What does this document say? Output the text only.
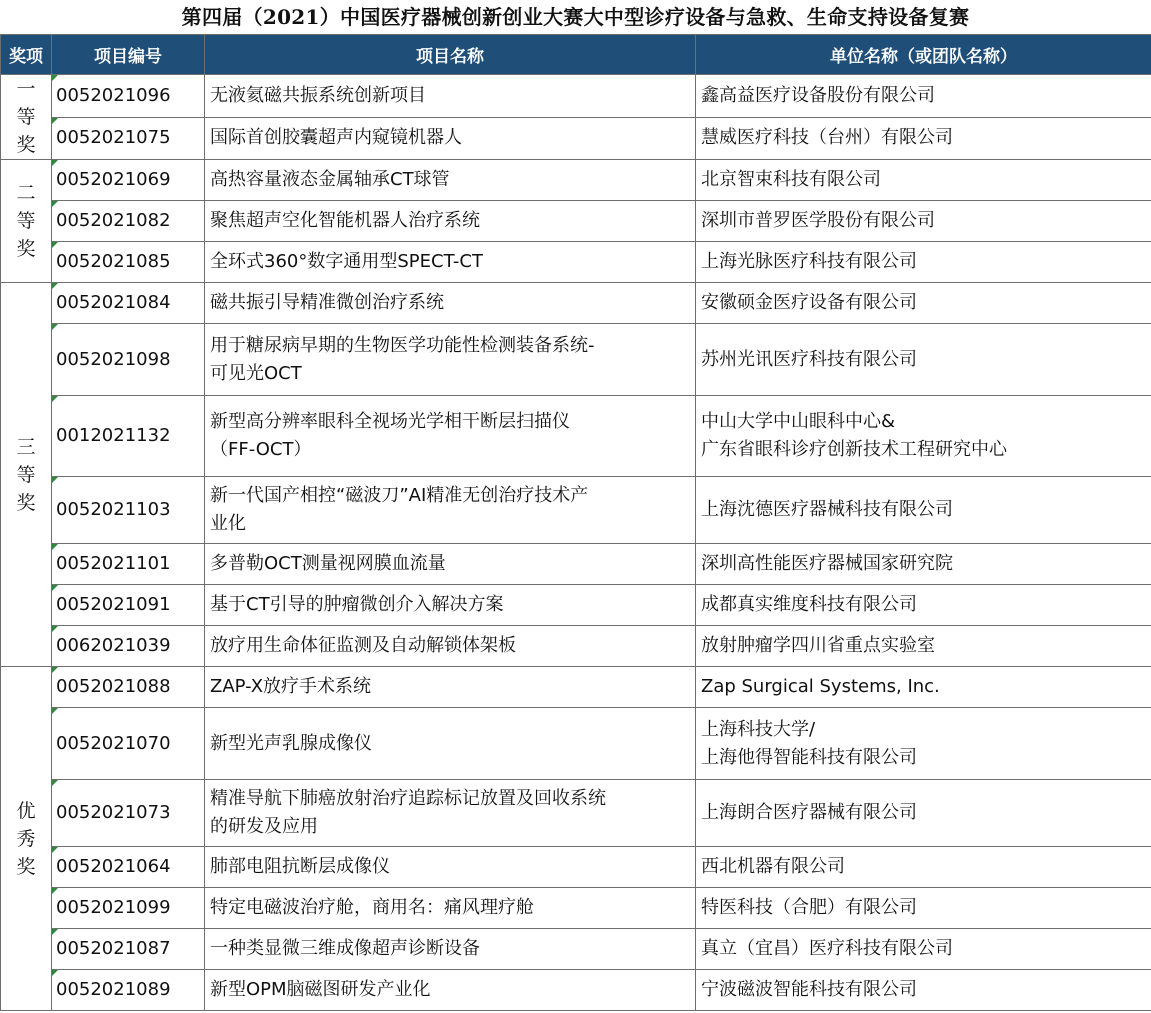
第四届（2021）中国医疗器械创新创业大赛大中型诊疗设备与急救、生命支持设备复赛
奖项	项目编号	项目名称	单位名称（或团队名称）
一等奖	0052021096	无液氦磁共振系统创新项目	鑫高益医疗设备股份有限公司

	0052021075	国际首创胶囊超声内窥镜机器人	慧威医疗科技（台州）有限公司

二等奖	0052021069	高热容量液态金属轴承CT球管	北京智束科技有限公司

	0052021082	聚焦超声空化智能机器人治疗系统	深圳市普罗医学股份有限公司

	0052021085	全环式360°数字通用型SPECT-CT	上海光脉医疗科技有限公司

三等奖	0052021084	磁共振引导精准微创治疗系统	安徽硕金医疗设备有限公司

	0052021098	用于糖尿病早期的生物医学功能性检测装备系统-
可见光OCT	苏州光讯医疗科技有限公司

	0012021132	新型高分辨率眼科全视场光学相干断层扫描仪
（FF-OCT）	中山大学中山眼科中心&
广东省眼科诊疗创新技术工程研究中心

	0052021103	新一代国产相控“磁波刀”AI精准无创治疗技术产
业化	上海沈德医疗器械科技有限公司

	0052021101	多普勒OCT测量视网膜血流量	深圳高性能医疗器械国家研究院

	0052021091	基于CT引导的肿瘤微创介入解决方案	成都真实维度科技有限公司

	0062021039	放疗用生命体征监测及自动解锁体架板	放射肿瘤学四川省重点实验室

优秀奖	0052021088	ZAP-X放疗手术系统	Zap Surgical Systems, Inc.

	0052021070	新型光声乳腺成像仪	上海科技大学/
上海他得智能科技有限公司

	0052021073	精准导航下肺癌放射治疗追踪标记放置及回收系统
的研发及应用	上海朗合医疗器械有限公司

	0052021064	肺部电阻抗断层成像仪	西北机器有限公司

	0052021099	特定电磁波治疗舱，商用名：痛风理疗舱	特医科技（合肥）有限公司

	0052021087	一种类显微三维成像超声诊断设备	真立（宜昌）医疗科技有限公司

	0052021089	新型OPM脑磁图研发产业化	宁波磁波智能科技有限公司
